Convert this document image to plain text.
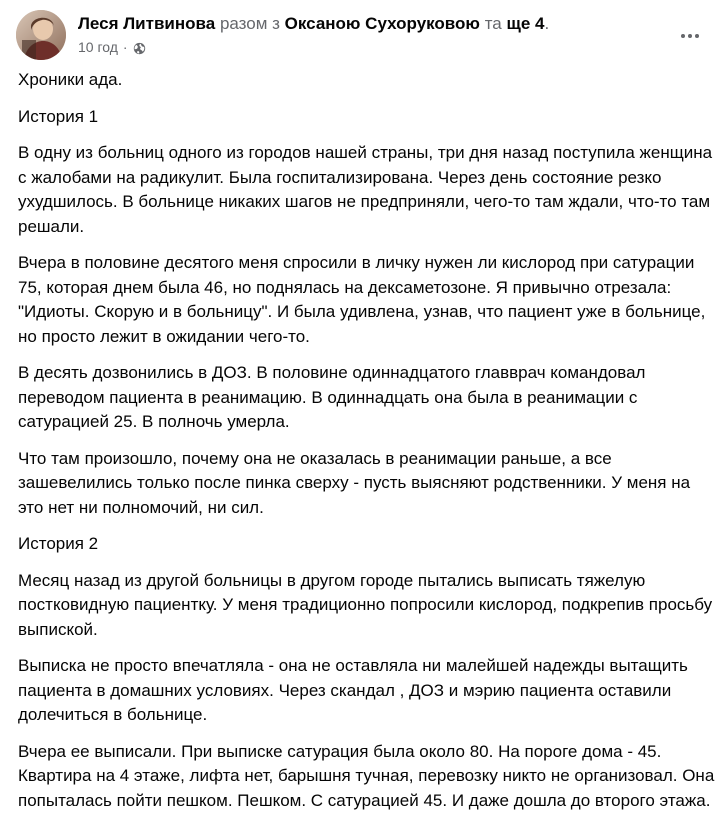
Леся Литвинова разом з Оксаною Сухоруковою та ще 4.
10 год ·

Хроники ада.

История 1

В одну из больниц одного из городов нашей страны, три дня назад поступила женщина с жалобами на радикулит. Была госпитализирована. Через день состояние резко ухудшилось. В больнице никаких шагов не предприняли, чего-то там ждали, что-то там решали.

Вчера в половине десятого меня спросили в личку нужен ли кислород при сатурации 75, которая днем была 46, но поднялась на дексаметозоне. Я привычно отрезала: "Идиоты. Скорую и в больницу". И была удивлена, узнав, что пациент уже в больнице, но просто лежит в ожидании чего-то.

В десять дозвонились в ДОЗ. В половине одиннадцатого главврач командовал переводом пациента в реанимацию. В одиннадцать она была в реанимации с сатурацией 25. В полночь умерла.

Что там произошло, почему она не оказалась в реанимации раньше, а все зашевелились только после пинка сверху - пусть выясняют родственники. У меня на это нет ни полномочий, ни сил.

История 2

Месяц назад из другой больницы в другом городе пытались выписать тяжелую постковидную пациентку. У меня традиционно попросили кислород, подкрепив просьбу выпиской.

Выписка не просто впечатляла - она не оставляла ни малейшей надежды вытащить пациента в домашних условиях. Через скандал , ДОЗ и мэрию пациента оставили долечиться в больнице.

Вчера ее выписали. При выписке сатурация была около 80. На пороге дома - 45. Квартира на 4 этаже, лифта нет, барышня тучная, перевозку никто не организовал. Она попыталась пойти пешком. Пешком. С сатурацией 45. И даже дошла до второго этажа.
